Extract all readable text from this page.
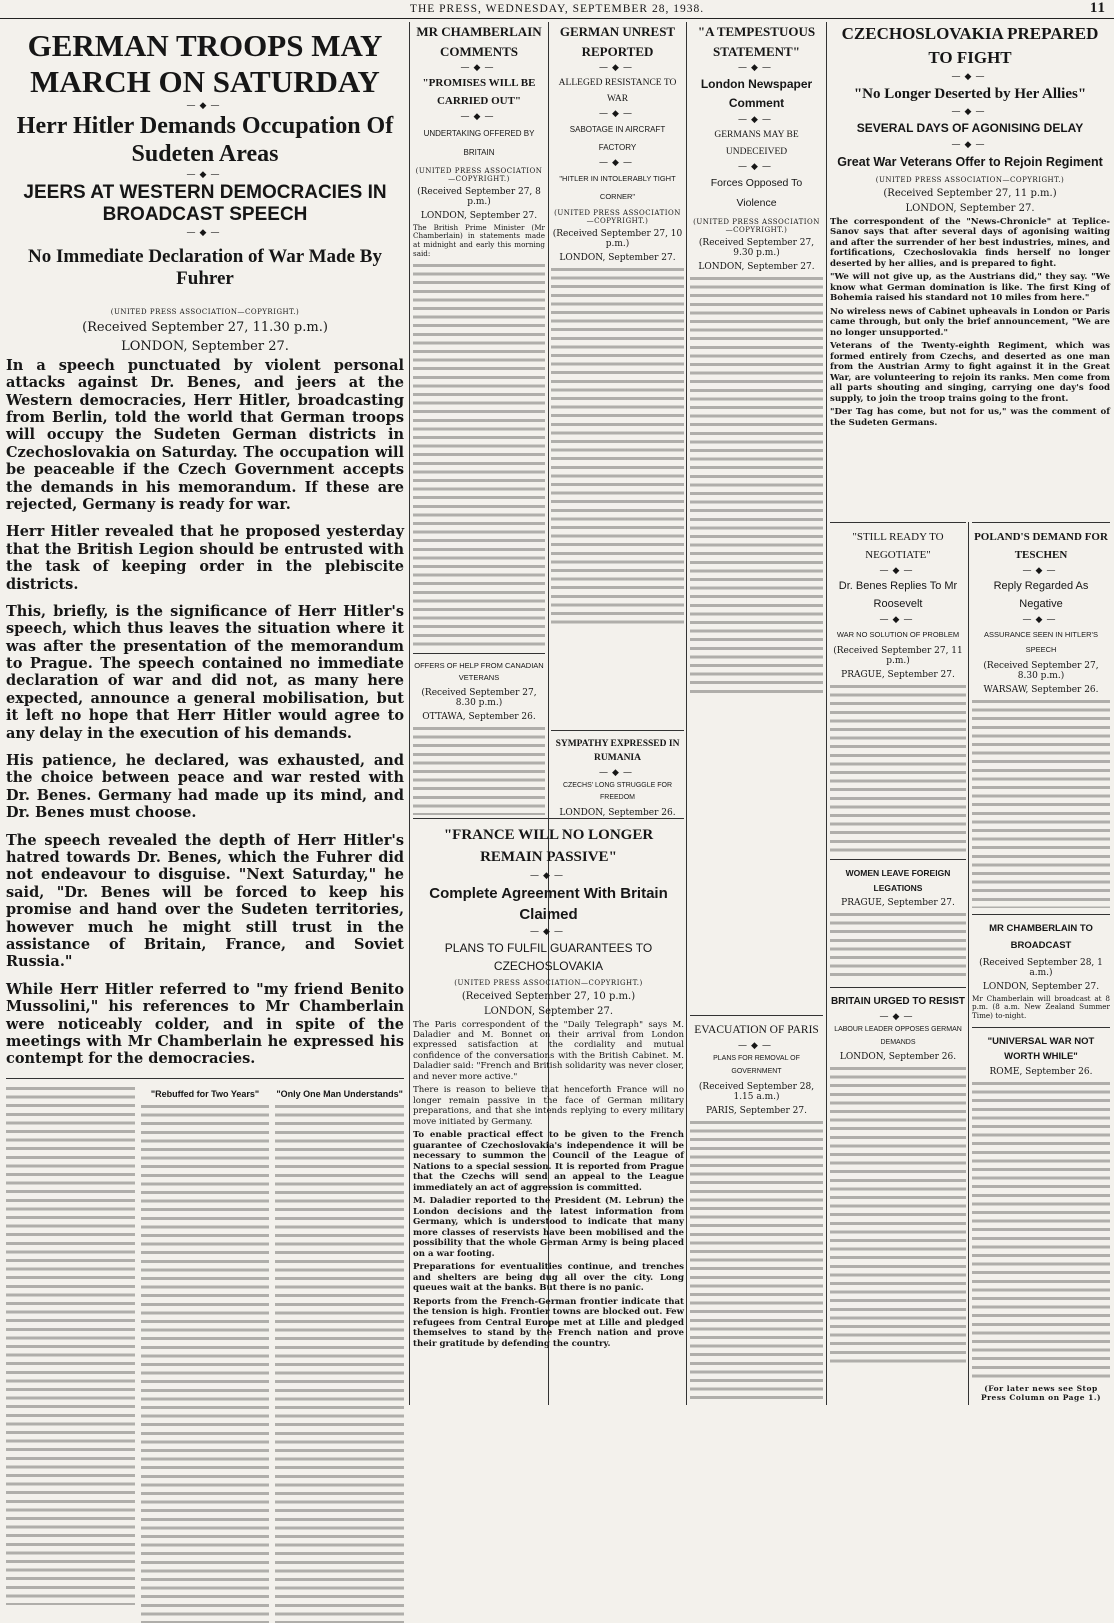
THE PRESS, WEDNESDAY, SEPTEMBER 28, 1938.	11
GERMAN TROOPS MAY MARCH ON SATURDAY
—◆—
Herr Hitler Demands Occupation Of Sudeten Areas
—◆—
JEERS AT WESTERN DEMOCRACIES IN BROADCAST SPEECH
—◆—
No Immediate Declaration of War Made By Fuhrer
(UNITED PRESS ASSOCIATION—COPYRIGHT.)
(Received September 27, 11.30 p.m.)
LONDON, September 27.

In a speech punctuated by violent personal attacks against Dr. Benes, and jeers at the Western democracies, Herr Hitler, broadcasting from Berlin, told the world that German troops will occupy the Sudeten German districts in Czechoslovakia on Saturday. The occupation will be peaceable if the Czech Government accepts the demands in his memorandum. If these are rejected, Germany is ready for war.

Herr Hitler revealed that he proposed yesterday that the British Legion should be entrusted with the task of keeping order in the plebiscite districts.

This, briefly, is the significance of Herr Hitler's speech, which thus leaves the situation where it was after the presentation of the memorandum to Prague. The speech contained no immediate declaration of war and did not, as many here expected, announce a general mobilisation, but it left no hope that Herr Hitler would agree to any delay in the execution of his demands.

His patience, he declared, was exhausted, and the choice between peace and war rested with Dr. Benes. Germany had made up its mind, and Dr. Benes must choose.

The speech revealed the depth of Herr Hitler's hatred towards Dr. Benes, which the Fuhrer did not endeavour to disguise. "Next Saturday," he said, "Dr. Benes will be forced to keep his promise and hand over the Sudeten territories, however much he might still trust in the assistance of Britain, France, and Soviet Russia."

While Herr Hitler referred to "my friend Benito Mussolini," his references to Mr Chamberlain were noticeably colder, and in spite of the meetings with Mr Chamberlain he expressed his contempt for the democracies.

"Rebuffed for Two Years"	"Only One Man Understands"
MR CHAMBERLAIN COMMENTS
—◆—
"PROMISES WILL BE CARRIED OUT"
—◆—
UNDERTAKING OFFERED BY BRITAIN
(UNITED PRESS ASSOCIATION—COPYRIGHT.)
(Received September 27, 8 p.m.)
LONDON, September 27.

The British Prime Minister (Mr Chamberlain) in statements made at midnight and early this morning said:

OFFERS OF HELP FROM CANADIAN VETERANS
(Received September 27, 8.30 p.m.)
OTTAWA, September 26.
GERMAN UNREST REPORTED
—◆—
ALLEGED RESISTANCE TO WAR
—◆—
SABOTAGE IN AIRCRAFT FACTORY
—◆—
"HITLER IN INTOLERABLY TIGHT CORNER"
(UNITED PRESS ASSOCIATION—COPYRIGHT.)
(Received September 27, 10 p.m.)
LONDON, September 27.
SYMPATHY EXPRESSED IN RUMANIA
—◆—
CZECHS' LONG STRUGGLE FOR FREEDOM
LONDON, September 26.
"A TEMPESTUOUS STATEMENT"
—◆—
London Newspaper Comment
—◆—
GERMANS MAY BE UNDECEIVED
—◆—
Forces Opposed To Violence
(UNITED PRESS ASSOCIATION—COPYRIGHT.)
(Received September 27, 9.30 p.m.)
LONDON, September 27.
"FRANCE WILL NO LONGER REMAIN PASSIVE"
—◆—
Complete Agreement With Britain Claimed
—◆—
PLANS TO FULFIL GUARANTEES TO CZECHOSLOVAKIA
(UNITED PRESS ASSOCIATION—COPYRIGHT.)
(Received September 27, 10 p.m.)
LONDON, September 27.

The Paris correspondent of the "Daily Telegraph" says M. Daladier and M. Bonnet on their arrival from London expressed satisfaction at the cordiality and mutual confidence of the conversations with the British Cabinet. M. Daladier said: "French and British solidarity was never closer, and never more active."

There is reason to believe that henceforth France will no longer remain passive in the face of German military preparations, and that she intends replying to every military move initiated by Germany.

To enable practical effect to be given to the French guarantee of Czechoslovakia's independence it will be necessary to summon the Council of the League of Nations to a special session. It is reported from Prague that the Czechs will send an appeal to the League immediately an act of aggression is committed.

M. Daladier reported to the President (M. Lebrun) the London decisions and the latest information from Germany, which is understood to indicate that many more classes of reservists have been mobilised and the possibility that the whole German Army is being placed on a war footing.

Preparations for eventualities continue, and trenches and shelters are being dug all over the city. Long queues wait at the banks. But there is no panic.

Reports from the French-German frontier indicate that the tension is high. Frontier towns are blocked out. Few refugees from Central Europe met at Lille and pledged themselves to stand by the French nation and prove their gratitude by defending the country.

EVACUATION OF PARIS
—◆—
PLANS FOR REMOVAL OF GOVERNMENT
(Received September 28, 1.15 a.m.)
PARIS, September 27.
CZECHOSLOVAKIA PREPARED TO FIGHT
—◆—
"No Longer Deserted by Her Allies"
—◆—
SEVERAL DAYS OF AGONISING DELAY
—◆—
Great War Veterans Offer to Rejoin Regiment
(UNITED PRESS ASSOCIATION—COPYRIGHT.)
(Received September 27, 11 p.m.)
LONDON, September 27.

The correspondent of the "News-Chronicle" at Teplice-Sanov says that after several days of agonising waiting and after the surrender of her best industries, mines, and fortifications, Czechoslovakia finds herself no longer deserted by her allies, and is prepared to fight.

"We will not give up, as the Austrians did," they say. "We know what German domination is like. The first King of Bohemia raised his standard not 10 miles from here."

No wireless news of Cabinet upheavals in London or Paris came through, but only the brief announcement, "We are no longer unsupported."

Veterans of the Twenty-eighth Regiment, which was formed entirely from Czechs, and deserted as one man from the Austrian Army to fight against it in the Great War, are volunteering to rejoin its ranks. Men come from all parts shouting and singing, carrying one day's food supply, to join the troop trains going to the front.

"Der Tag has come, but not for us," was the comment of the Sudeten Germans.

"STILL READY TO NEGOTIATE"
—◆—
Dr. Benes Replies To Mr Roosevelt
—◆—
WAR NO SOLUTION OF PROBLEM
(Received September 27, 11 p.m.)
PRAGUE, September 27.
WOMEN LEAVE FOREIGN LEGATIONS
PRAGUE, September 27.
BRITAIN URGED TO RESIST
—◆—
LABOUR LEADER OPPOSES GERMAN DEMANDS
LONDON, September 26.
POLAND'S DEMAND FOR TESCHEN
—◆—
Reply Regarded As Negative
—◆—
ASSURANCE SEEN IN HITLER'S SPEECH
(Received September 27, 8.30 p.m.)
WARSAW, September 26.
MR CHAMBERLAIN TO BROADCAST
(Received September 28, 1 a.m.)
LONDON, September 27.

Mr Chamberlain will broadcast at 8 p.m. (8 a.m. New Zealand Summer Time) to-night.

"UNIVERSAL WAR NOT WORTH WHILE"
ROME, September 26.
(For later news see Stop Press Column on Page 1.)
